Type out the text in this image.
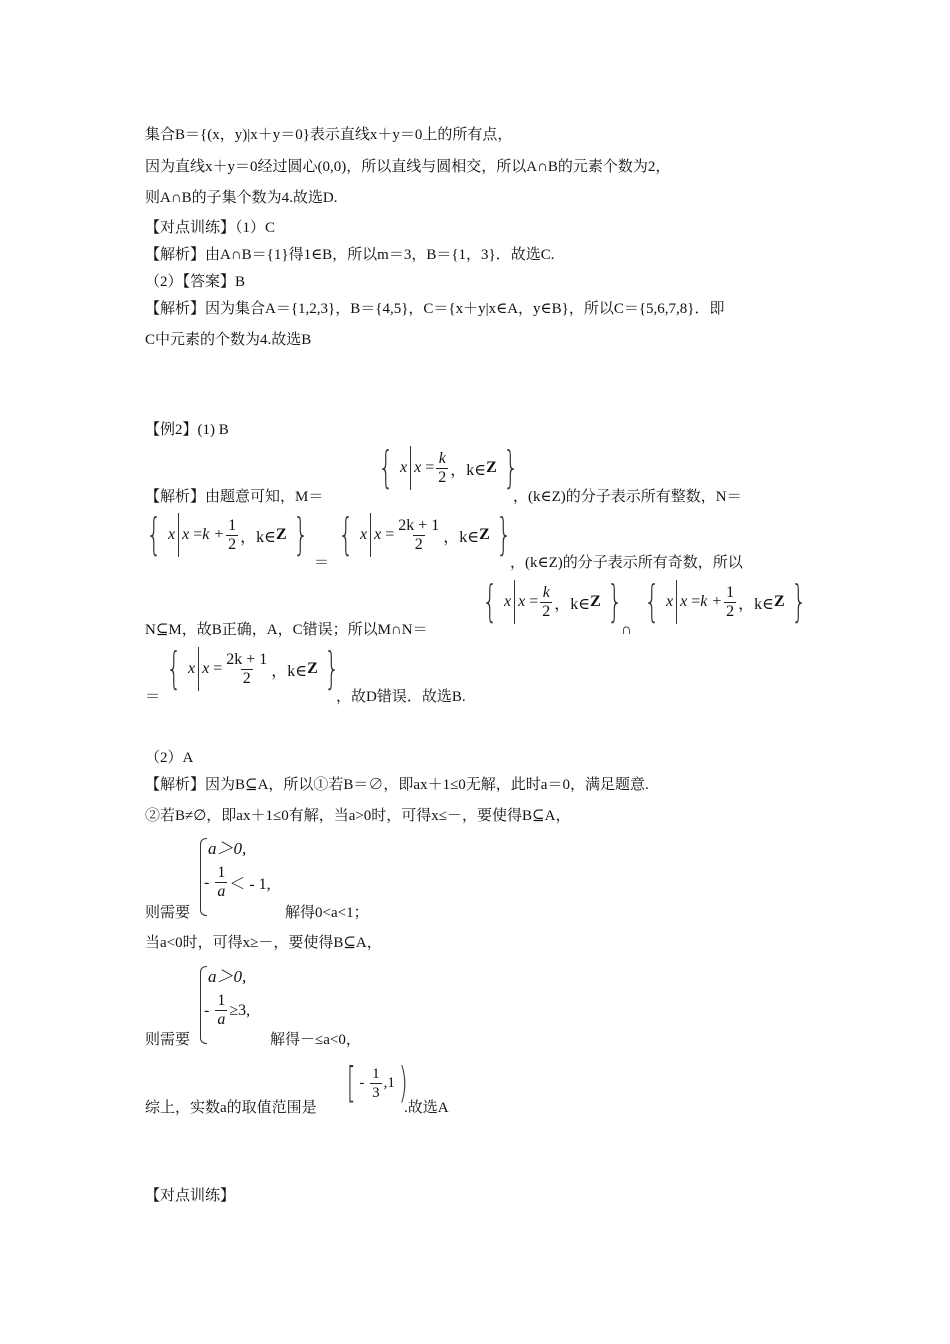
集合B＝{(x，y)|x＋y＝0}表示直线x＋y＝0上的所有点，
因为直线x＋y＝0经过圆心(0,0)，所以直线与圆相交，所以A∩B的元素个数为2，
则A∩B的子集个数为4.故选D.
【对点训练】（1）C
【解析】由A∩B＝{1}得1∈B，所以m＝3，B＝{1，3}．故选C.
（2）【答案】B
【解析】因为集合A＝{1,2,3}，B＝{4,5}，C＝{x＋y|x∈A，y∈B}，所以C＝{5,6,7,8}．即
C中元素的个数为4.故选B
【例2】(1) B
【解析】由题意可知，M＝
{ x x
= $\frac{k}{2}$ ，k∈ Z }
，(k∈Z)的分子表示所有整数，N＝
{ x x
= $k + \frac{1}{2}$ ，k∈ Z }
＝
{ x x
= $\frac{2k + 1}{2}$ ，k∈ Z }
，(k∈Z)的分子表示所有奇数，所以
N⊆M，故B正确，A，C错误；所以M∩N＝
{ x x
= $\frac{k}{2}$ ，k∈ Z }
∩
{ x x
= $k + \frac{1}{2}$ ，k∈ Z }
＝
{ x x
= $\frac{2k + 1}{2}$ ，k∈ Z }
，故D错误．故选B.
（2）A
【解析】因为B⊆A，所以①若B＝∅，即ax＋1≤0无解，此时a＝0，满足题意.
②若B≠∅，即ax＋1≤0有解，当a>0时，可得x≤－，要使得B⊆A，
则需要
a＞0,
-
$\frac{1}{a}$ ＜ - 1,
解得0<a<1；
当a<0时，可得x≥－，要使得B⊆A，
则需要
a＞0,
-
$\frac{1}{a} \ge 3$,
解得－≤a<0，
综上，实数a的取值范围是
[ -
$\frac{1}{3} ,1$ )
.故选A
【对点训练】
